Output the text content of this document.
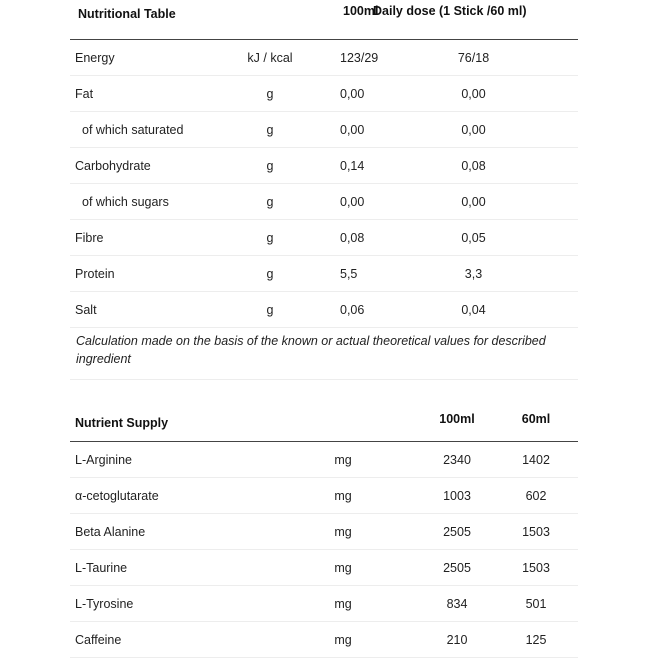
Nutritional Table		100ml	Daily dose (1 Stick /60 ml)
Energy	kJ / kcal	123/29	76/18
Fat	g	0,00	0,00
of which saturated	g	0,00	0,00
Carbohydrate	g	0,14	0,08
of which sugars	g	0,00	0,00
Fibre	g	0,08	0,05
Protein	g	5,5	3,3
Salt	g	0,06	0,04
Calculation made on the basis of the known or actual theoretical values for described ingredient
Nutrient Supply		100ml	60ml
L-Arginine	mg	2340	1402
α-cetoglutarate	mg	1003	602
Beta Alanine	mg	2505	1503
L-Taurine	mg	2505	1503
L-Tyrosine	mg	834	501
Caffeine	mg	210	125
